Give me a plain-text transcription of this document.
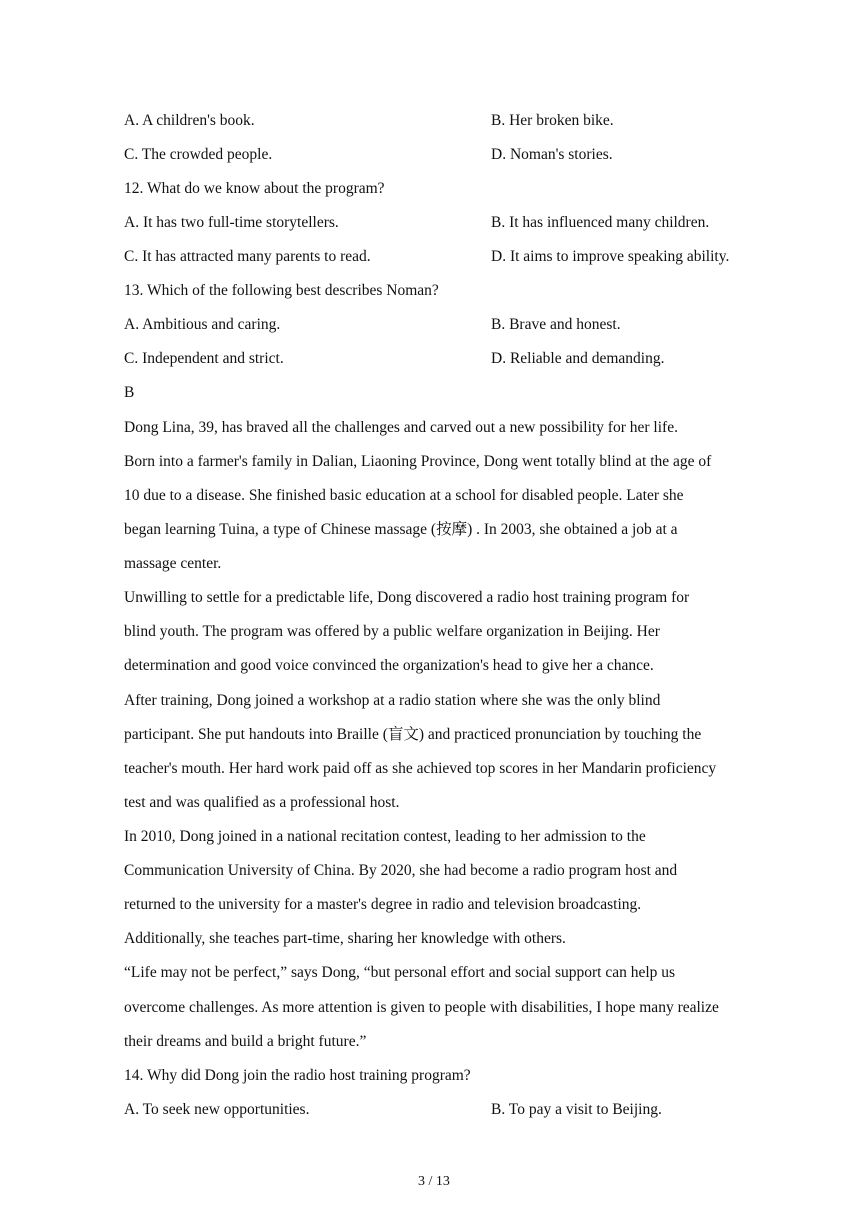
A. A children's book.	B. Her broken bike.
C. The crowded people.	D. Noman's stories.
12. What do we know about the program?
A. It has two full-time storytellers.	B. It has influenced many children.
C. It has attracted many parents to read.	D. It aims to improve speaking ability.
13. Which of the following best describes Noman?
A. Ambitious and caring.	B. Brave and honest.
C. Independent and strict.	D. Reliable and demanding.
B
Dong Lina, 39, has braved all the challenges and carved out a new possibility for her life.
Born into a farmer's family in Dalian, Liaoning Province, Dong went totally blind at the age of
10 due to a disease. She finished basic education at a school for disabled people. Later she
began learning Tuina, a type of Chinese massage (按摩) . In 2003, she obtained a job at a
massage center.
Unwilling to settle for a predictable life, Dong discovered a radio host training program for
blind youth. The program was offered by a public welfare organization in Beijing. Her
determination and good voice convinced the organization's head to give her a chance.
After training, Dong joined a workshop at a radio station where she was the only blind
participant. She put handouts into Braille (盲文) and practiced pronunciation by touching the
teacher's mouth. Her hard work paid off as she achieved top scores in her Mandarin proficiency
test and was qualified as a professional host.
In 2010, Dong joined in a national recitation contest, leading to her admission to the
Communication University of China. By 2020, she had become a radio program host and
returned to the university for a master's degree in radio and television broadcasting.
Additionally, she teaches part-time, sharing her knowledge with others.
“Life may not be perfect,” says Dong, “but personal effort and social support can help us
overcome challenges. As more attention is given to people with disabilities, I hope many realize
their dreams and build a bright future.”
14. Why did Dong join the radio host training program?
A. To seek new opportunities.	B. To pay a visit to Beijing.
3 / 13
